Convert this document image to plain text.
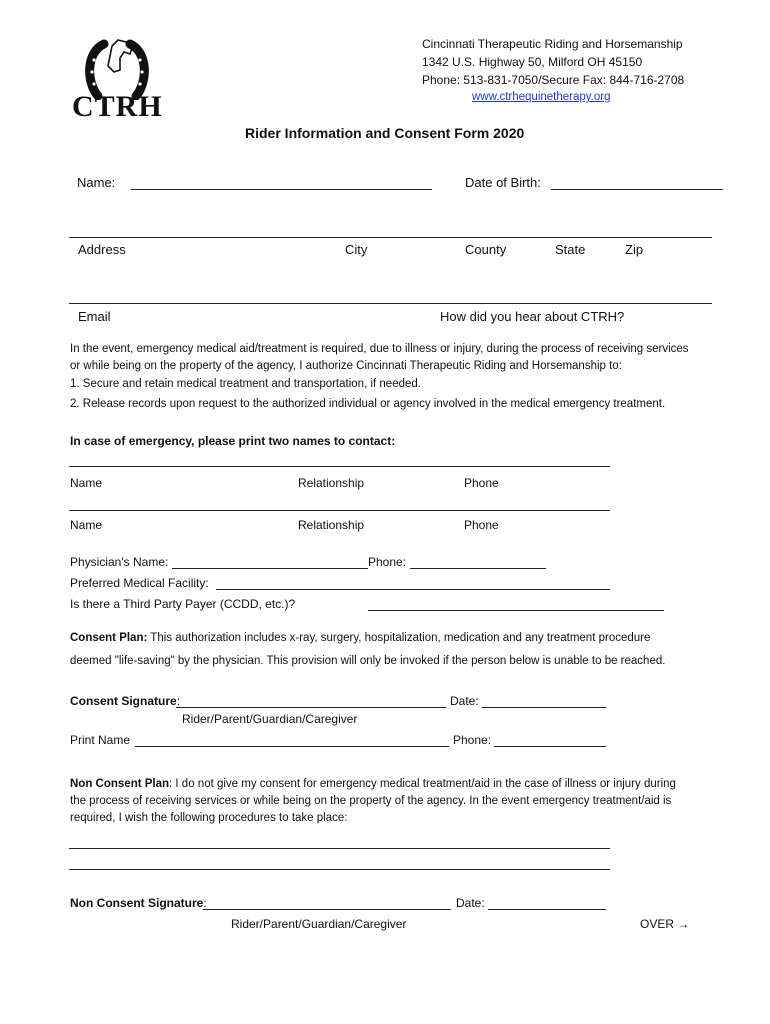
CTRH
Cincinnati Therapeutic Riding and Horsemanship
1342 U.S. Highway 50, Milford OH 45150
Phone: 513-831-7050/Secure Fax: 844-716-2708
www.ctrhequinetherapy.org
Rider Information and Consent Form 2020
Name:	Date of Birth:
Address	City	County	State	Zip
Email	How did you hear about CTRH?
In the event, emergency medical aid/treatment is required, due to illness or injury, during the process of receiving services
or while being on the property of the agency, I authorize Cincinnati Therapeutic Riding and Horsemanship to:
1. Secure and retain medical treatment and transportation, if needed.
2. Release records upon request to the authorized individual or agency involved in the medical emergency treatment.
In case of emergency, please print two names to contact:
Name	Relationship	Phone
Name	Relationship	Phone
Physician's Name:	Phone:
Preferred Medical Facility:
Is there a Third Party Payer (CCDD, etc.)?
Consent Plan: This authorization includes x-ray, surgery, hospitalization, medication and any treatment procedure
deemed "life-saving" by the physician. This provision will only be invoked if the person below is unable to be reached.
Consent Signature:	Date:
Rider/Parent/Guardian/Caregiver
Print Name	Phone:
Non Consent Plan: I do not give my consent for emergency medical treatment/aid in the case of illness or injury during
the process of receiving services or while being on the property of the agency. In the event emergency treatment/aid is
required, I wish the following procedures to take place:
Non Consent Signature:	Date:
Rider/Parent/Guardian/Caregiver	OVER →
